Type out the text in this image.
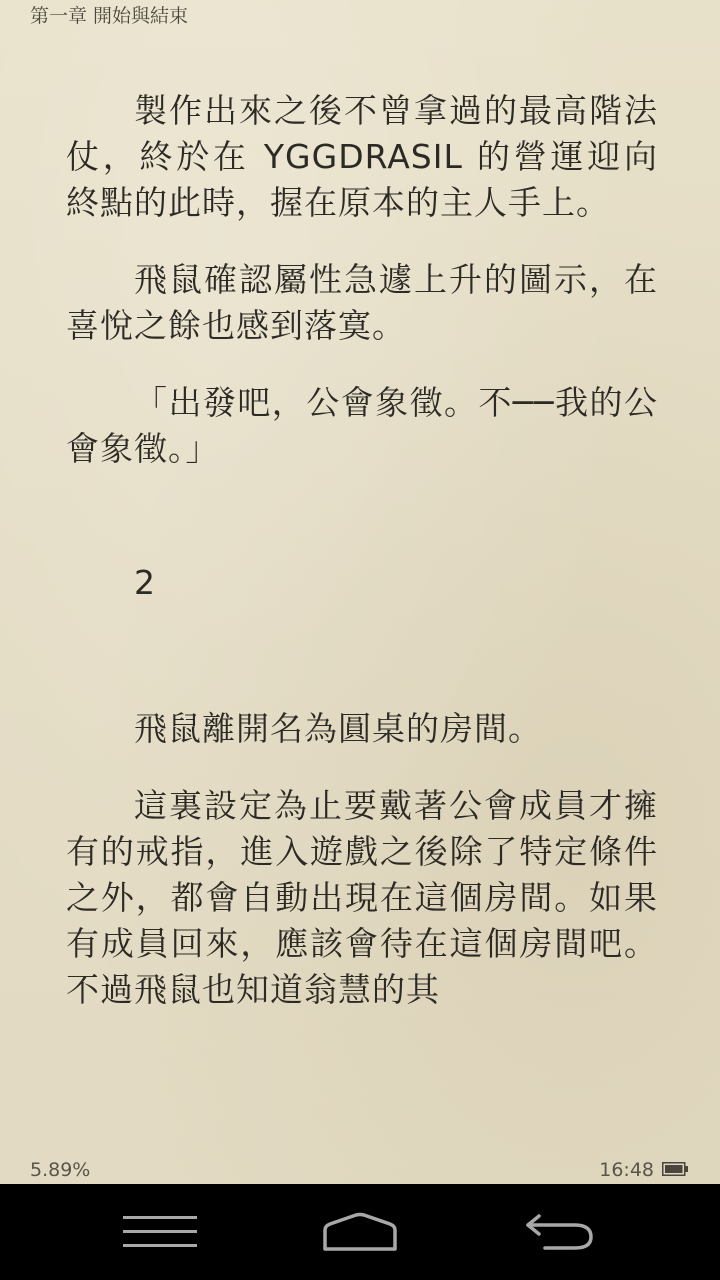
第一章 開始與結束

製作出來之後不曾拿過的最高階法仗，終於在 YGGDRASIL 的營運迎向終點的此時，握在原本的主人手上。

飛鼠確認屬性急遽上升的圖示，在喜悅之餘也感到落寞。

「出發吧，公會象徵。不──我的公會象徵。」

2

飛鼠離開名為圓桌的房間。

這裏設定為止要戴著公會成員才擁有的戒指，進入遊戲之後除了特定條件之外，都會自動出現在這個房間。如果有成員回來，應該會待在這個房間吧。不過飛鼠也知道翁慧的其

5.89%	16:48
